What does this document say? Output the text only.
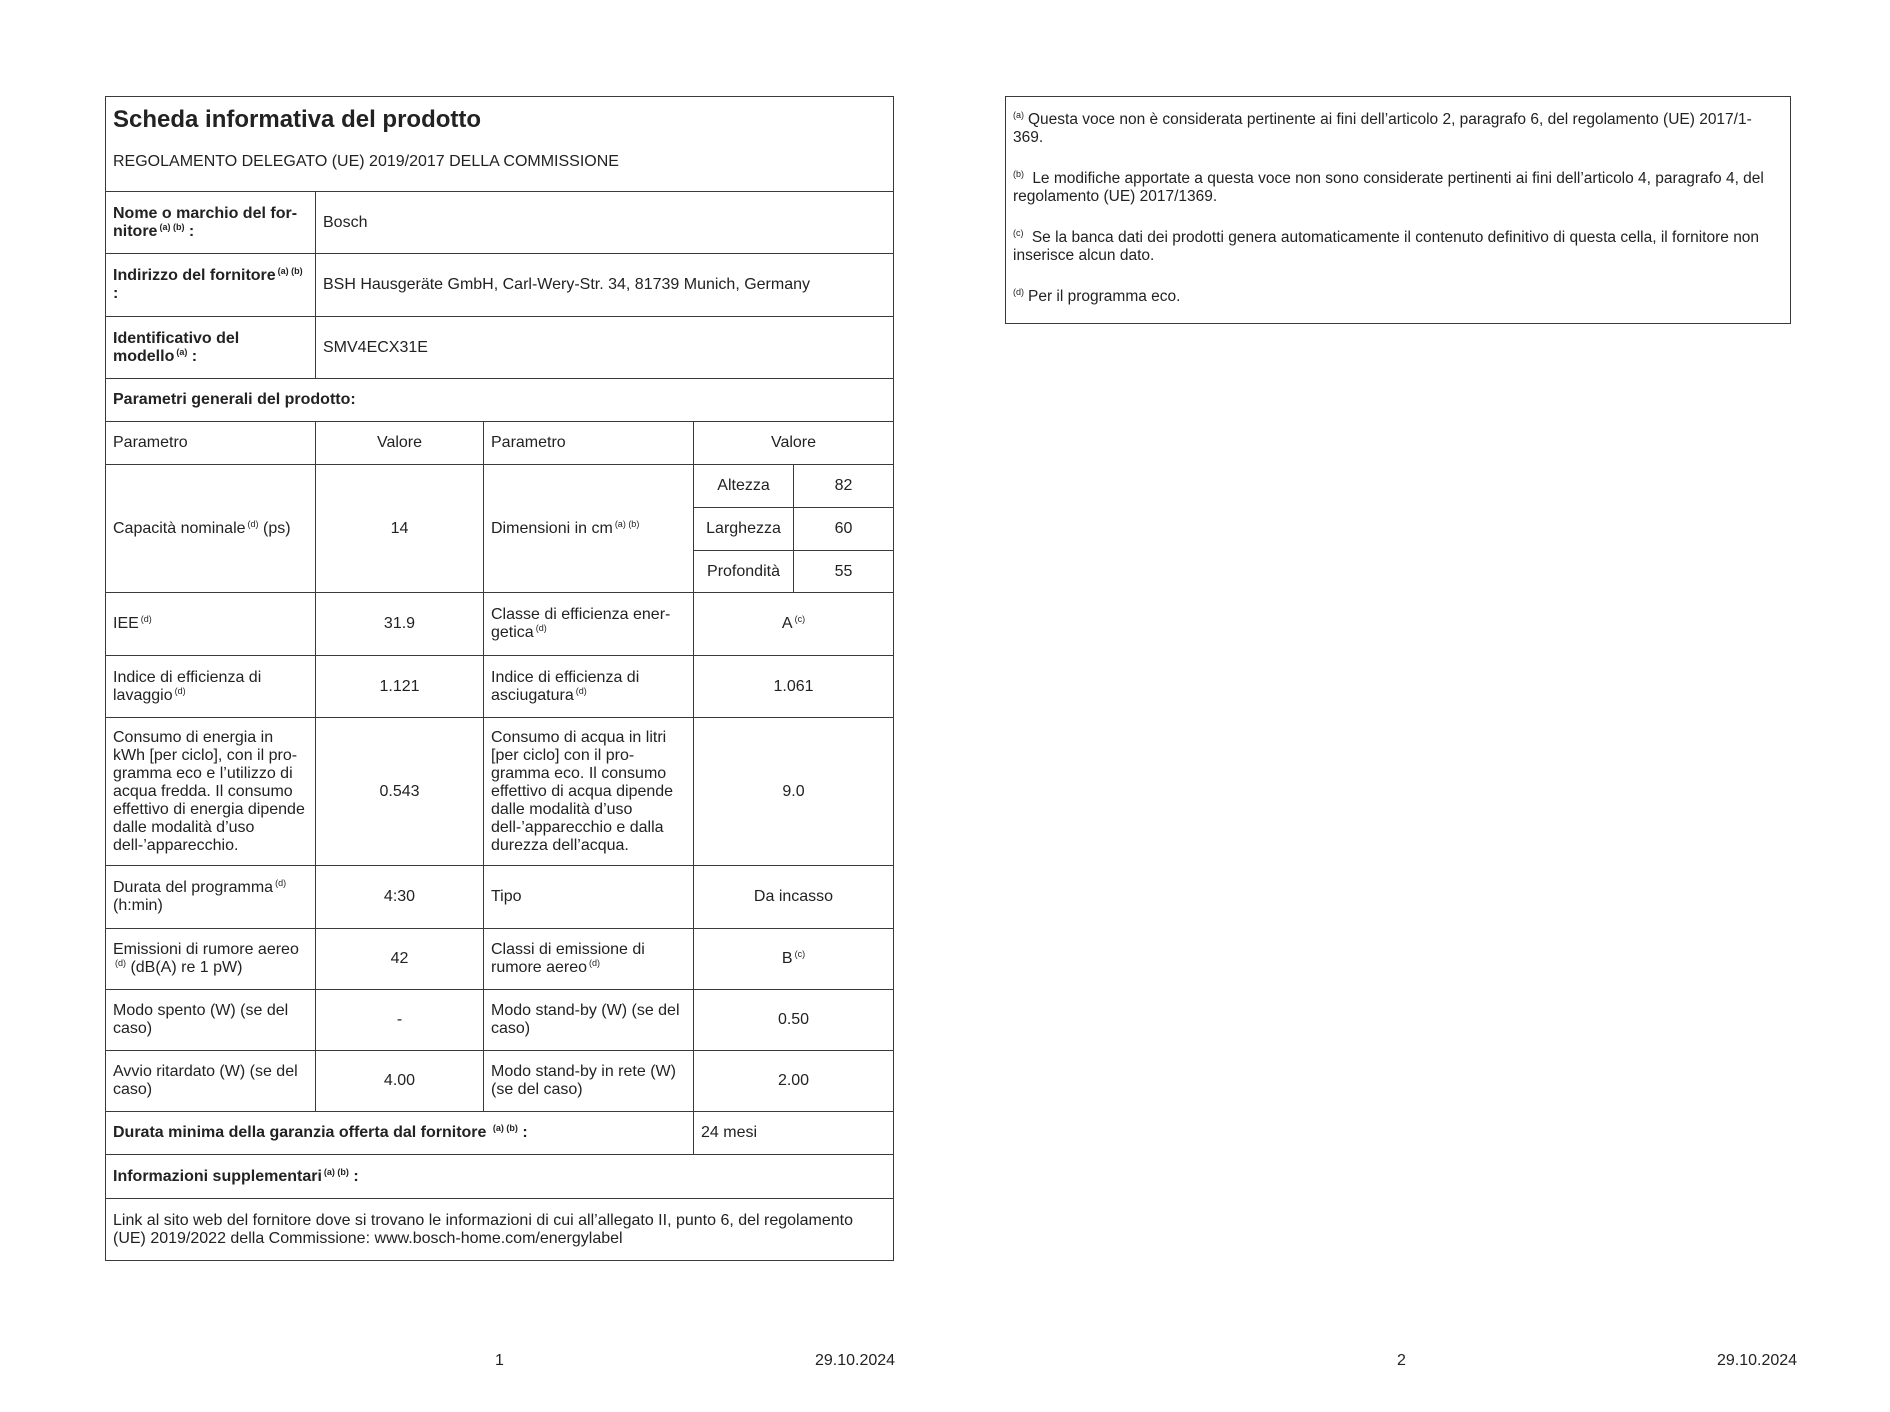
Scheda informativa del prodotto
REGOLAMENTO DELEGATO (UE) 2019/2017 DELLA COMMISSIONE				

Nome o marchio del for-nitore $^{(a) (b)}$ :	Bosch			
Indirizzo del fornitore $^{(a) (b)}$ :	BSH Hausgeräte GmbH, Carl-Wery-Str. 34, 81739 Munich, Germany			
Identificativo del modello $^{(a)}$ :	SMV4ECX31E			
Parametri generali del prodotto:				
Parametro	Valore	Parametro	Valore	
Capacità nominale $^{(d)}$ (ps)	14	Dimensioni in cm $^{(a) (b)}$	Altezza	82
			Larghezza	60
			Profondità	55
IEE $^{(d)}$	31.9	Classe di efficienza ener-getica $^{(d)}$	A $^{(c)}$
Indice di efficienza di lavaggio $^{(d)}$	1.121	Indice di efficienza di asciugatura $^{(d)}$	1.061	
Consumo di energia in kWh [per ciclo], con il pro-gramma eco e l’utilizzo di acqua fredda. Il consumo effettivo di energia dipende dalle modalità d’uso dell-’apparecchio.	0.543	Consumo di acqua in litri [per ciclo] con il pro-gramma eco. Il consumo effettivo di acqua dipende dalle modalità d’uso dell-’apparecchio e dalla durezza dell’acqua.	9.0	
Durata del programma $^{(d)}$ (h:min)	4:30	Tipo	Da incasso	
Emissioni di rumore aereo $^{(d)}$ (dB(A) re 1 pW)	42	Classi di emissione di rumore aereo $^{(d)}$	B $^{(c)}$
Modo spento (W) (se del caso)	-	Modo stand-by (W) (se del caso)	0.50	
Avvio ritardato (W) (se del caso)	4.00	Modo stand-by in rete (W) (se del caso)	2.00	
Durata minima della garanzia offerta dal fornitore $^{(a) (b)}$ :			24 mesi	
Informazioni supplementari $^{(a) (b)}$ :				
Link al sito web del fornitore dove si trovano le informazioni di cui all’allegato II, punto 6, del regolamento (UE) 2019/2022 della Commissione: www.bosch-home.com/energylabel				
1	29.10.2024

$^{(a)}$ Questa voce non è considerata pertinente ai fini dell’articolo 2, paragrafo 6, del regolamento (UE) 2017/1-369.

$^{(b)}$ Le modifiche apportate a questa voce non sono considerate pertinenti ai fini dell’articolo 4, paragrafo 4, del regolamento (UE) 2017/1369.

$^{(c)}$ Se la banca dati dei prodotti genera automaticamente il contenuto definitivo di questa cella, il fornitore non inserisce alcun dato.

$^{(d)}$ Per il programma eco.

2	29.10.2024
